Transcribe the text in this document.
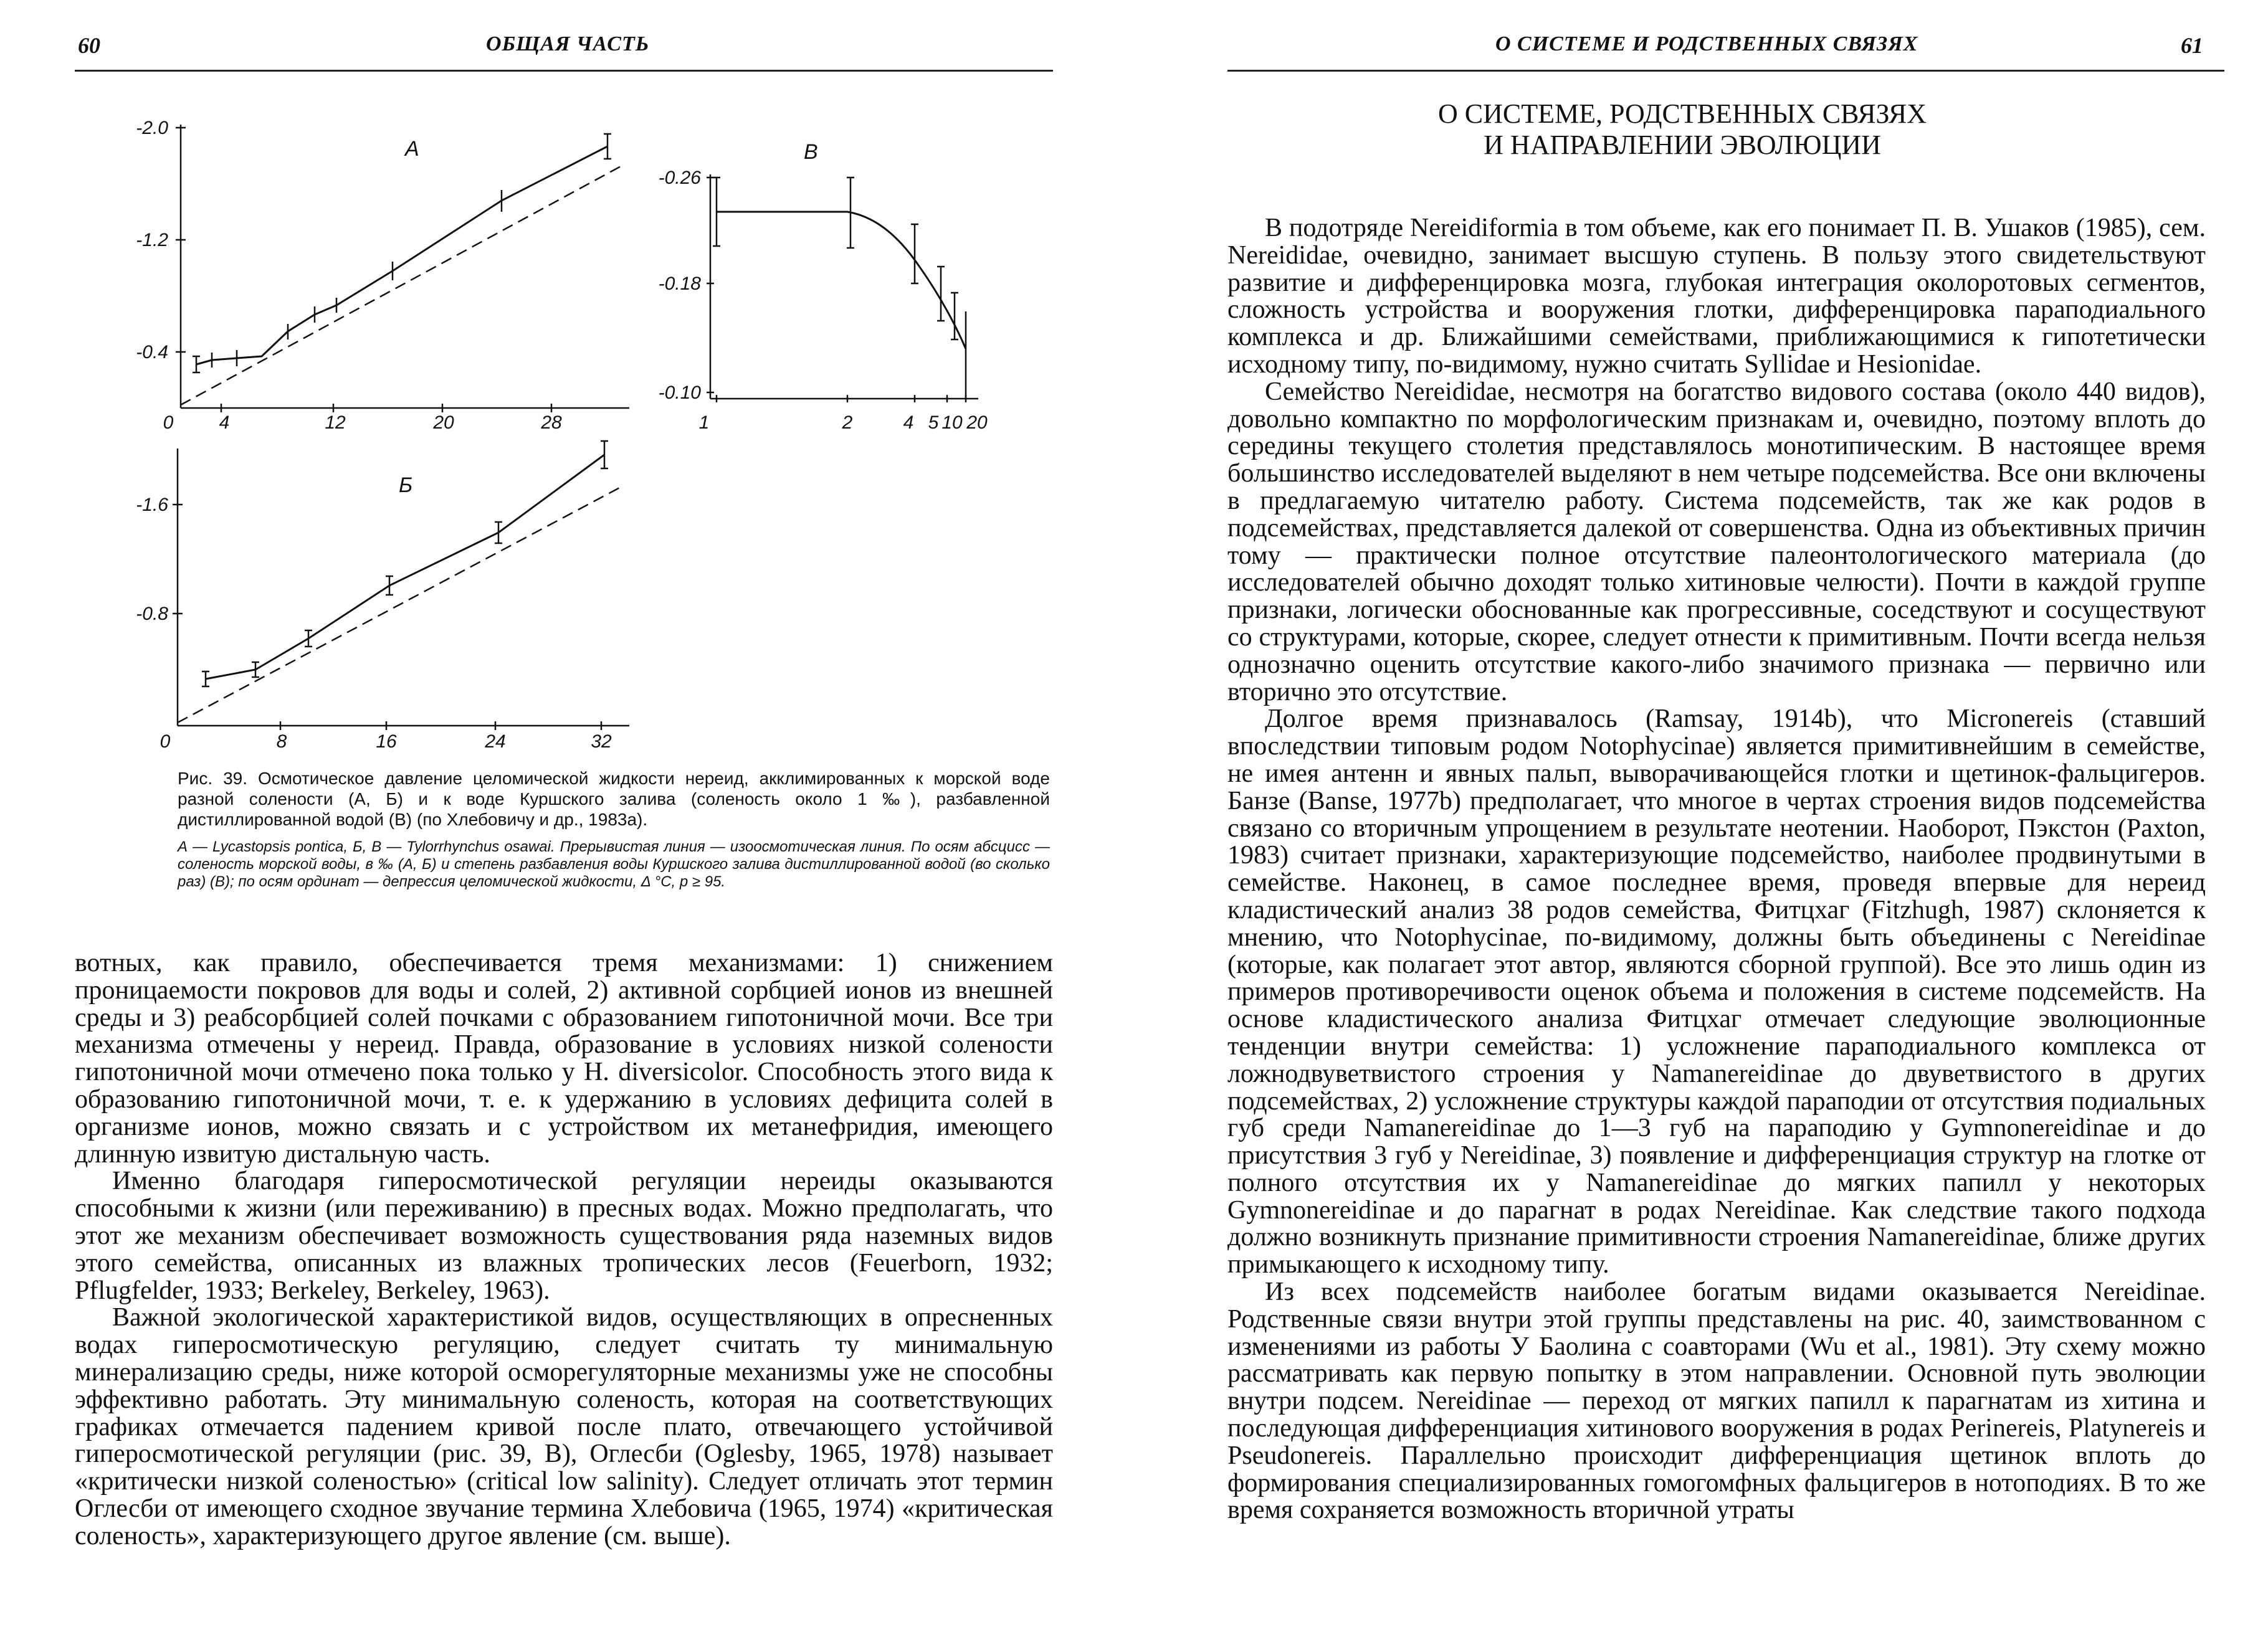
60	ОБЩАЯ ЧАСТЬ
А	В
Б
-2.0
-1.2
-0.4
-0.26
-0.18
-0.10
-1.6
-0.8
0 4	12	20	28	1	2	4 5 10 20
0	8	16	24	32
Рис. 39. Осмотическое давление целомической жидкости нереид, акклимированных к морской воде разной солености (А, Б) и к воде Куршского залива (соленость около 1 ‰), разбавленной дистиллированной водой (В) (по Хлебовичу и др., 1983а).
А — Lycastopsis pontica, Б, В — Tylorrhynchus osawai. Прерывистая линия — изоосмотическая линия. По осям абсцисс — соленость морской воды, в ‰ (А, Б) и степень разбавления воды Куршского залива дистиллированной водой (во сколько раз) (В); по осям ординат — депрессия целомической жидкости, Δ °C, p ≥ 95.

вотных, как правило, обеспечивается тремя механизмами: 1) снижением проницаемости покровов для воды и солей, 2) активной сорбцией ионов из внешней среды и 3) реабсорбцией солей почками с образованием гипотоничной мочи. Все три механизма отмечены у нереид. Правда, образование в условиях низкой солености гипотоничной мочи отмечено пока только у H. diversicolor. Способность этого вида к образованию гипотоничной мочи, т. е. к удержанию в условиях дефицита солей в организме ионов, можно связать и с устройством их метанефридия, имеющего длинную извитую дистальную часть.

Именно благодаря гиперосмотической регуляции нереиды оказываются способными к жизни (или переживанию) в пресных водах. Можно предполагать, что этот же механизм обеспечивает возможность существования ряда наземных видов этого семейства, описанных из влажных тропических лесов (Feuerborn, 1932; Pflugfelder, 1933; Berkeley, Berkeley, 1963).

Важной экологической характеристикой видов, осуществляющих в опресненных водах гиперосмотическую регуляцию, следует считать ту минимальную минерализацию среды, ниже которой осморегуляторные механизмы уже не способны эффективно работать. Эту минимальную соленость, которая на соответствующих графиках отмечается падением кривой после плато, отвечающего устойчивой гиперосмотической регуляции (рис. 39, В), Оглесби (Oglesby, 1965, 1978) называет «критически низкой соленостью» (critical low salinity). Следует отличать этот термин Оглесби от имеющего сходное звучание термина Хлебовича (1965, 1974) «критическая соленость», характеризующего другое явление (см. выше).

О СИСТЕМЕ И РОДСТВЕННЫХ СВЯЗЯХ	61
О СИСТЕМЕ, РОДСТВЕННЫХ СВЯЗЯХ
И НАПРАВЛЕНИИ ЭВОЛЮЦИИ

В подотряде Nereidiformia в том объеме, как его понимает П. В. Ушаков (1985), сем. Nereididae, очевидно, занимает высшую ступень. В пользу этого свидетельствуют развитие и дифференцировка мозга, глубокая интеграция околоротовых сегментов, сложность устройства и вооружения глотки, дифференцировка параподиального комплекса и др. Ближайшими семействами, приближающимися к гипотетически исходному типу, по-видимому, нужно считать Syllidae и Hesionidae.

Семейство Nereididae, несмотря на богатство видового состава (около 440 видов), довольно компактно по морфологическим признакам и, очевидно, поэтому вплоть до середины текущего столетия представлялось монотипическим. В настоящее время большинство исследователей выделяют в нем четыре подсемейства. Все они включены в предлагаемую читателю работу. Система подсемейств, так же как родов в подсемействах, представляется далекой от совершенства. Одна из объективных причин тому — практически полное отсутствие палеонтологического материала (до исследователей обычно доходят только хитиновые челюсти). Почти в каждой группе признаки, логически обоснованные как прогрессивные, соседствуют и сосуществуют со структурами, которые, скорее, следует отнести к примитивным. Почти всегда нельзя однозначно оценить отсутствие какого-либо значимого признака — первично или вторично это отсутствие.

Долгое время признавалось (Ramsay, 1914b), что Micronereis (ставший впоследствии типовым родом Notophycinae) является примитивнейшим в семействе, не имея антенн и явных пальп, выворачивающейся глотки и щетинок-фальцигеров. Банзе (Banse, 1977b) предполагает, что многое в чертах строения видов подсемейства связано со вторичным упрощением в результате неотении. Наоборот, Пэкстон (Paxton, 1983) считает признаки, характеризующие подсемейство, наиболее продвинутыми в семействе. Наконец, в самое последнее время, проведя впервые для нереид кладистический анализ 38 родов семейства, Фитцхаг (Fitzhugh, 1987) склоняется к мнению, что Notophycinae, по-видимому, должны быть объединены с Nereidinae (которые, как полагает этот автор, являются сборной группой). Все это лишь один из примеров противоречивости оценок объема и положения в системе подсемейств. На основе кладистического анализа Фитцхаг отмечает следующие эволюционные тенденции внутри семейства: 1) усложнение параподиального комплекса от ложнодвуветвистого строения у Namanereidinae до двуветвистого в других подсемействах, 2) усложнение структуры каждой параподии от отсутствия подиальных губ среди Namanereidinae до 1—3 губ на параподию у Gymnonereidinae и до присутствия 3 губ у Nereidinae, 3) появление и дифференциация структур на глотке от полного отсутствия их у Namanereidinae до мягких папилл у некоторых Gymnonereidinae и до парагнат в родах Nereidinae. Как следствие такого подхода должно возникнуть признание примитивности строения Namanereidinae, ближе других примыкающего к исходному типу.

Из всех подсемейств наиболее богатым видами оказывается Nereidinae. Родственные связи внутри этой группы представлены на рис. 40, заимствованном с изменениями из работы У Баолина с соавторами (Wu et al., 1981). Эту схему можно рассматривать как первую попытку в этом направлении. Основной путь эволюции внутри подсем. Nereidinae — переход от мягких папилл к парагнатам из хитина и последующая дифференциация хитинового вооружения в родах Perinereis, Platynereis и Pseudonereis. Параллельно происходит дифференциация щетинок вплоть до формирования специализированных гомогомфных фальцигеров в нотоподиях. В то же время сохраняется возможность вторичной утраты
